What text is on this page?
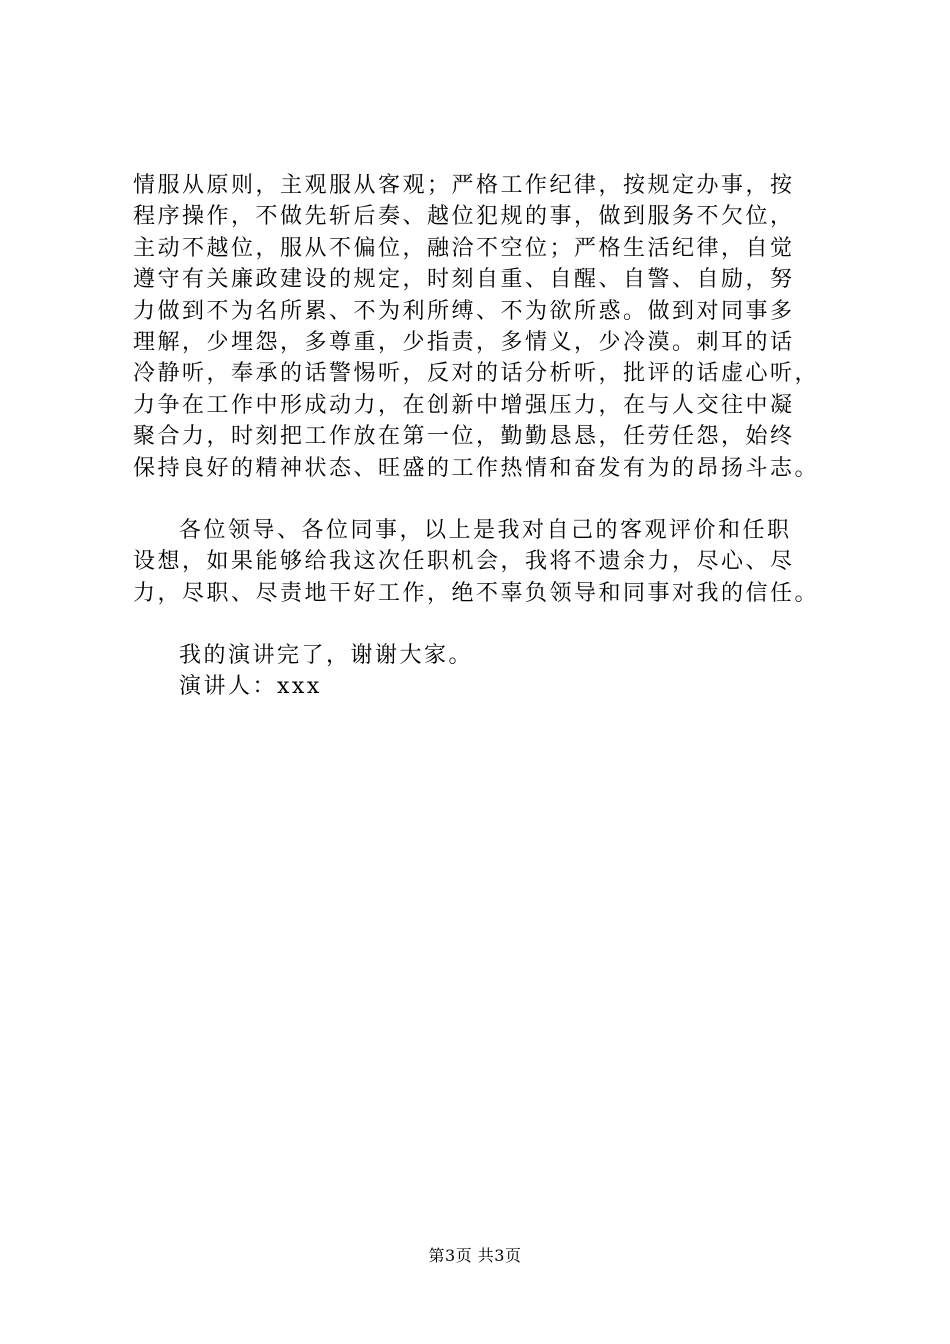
情服从原则，主观服从客观；严格工作纪律，按规定办事，按
程序操作，不做先斩后奏、越位犯规的事，做到服务不欠位，
主动不越位，服从不偏位，融洽不空位；严格生活纪律，自觉
遵守有关廉政建设的规定，时刻自重、自醒、自警、自励，努
力做到不为名所累、不为利所缚、不为欲所惑。做到对同事多
理解，少埋怨，多尊重，少指责，多情义，少冷漠。刺耳的话
冷静听，奉承的话警惕听，反对的话分析听，批评的话虚心听，
力争在工作中形成动力，在创新中增强压力，在与人交往中凝
聚合力，时刻把工作放在第一位，勤勤恳恳，任劳任怨，始终
保持良好的精神状态、旺盛的工作热情和奋发有为的昂扬斗志。
各位领导、各位同事，以上是我对自己的客观评价和任职
设想，如果能够给我这次任职机会，我将不遗余力，尽心、尽
力，尽职、尽责地干好工作，绝不辜负领导和同事对我的信任。
我的演讲完了，谢谢大家。
演讲人：xxx
第3页 共3页
